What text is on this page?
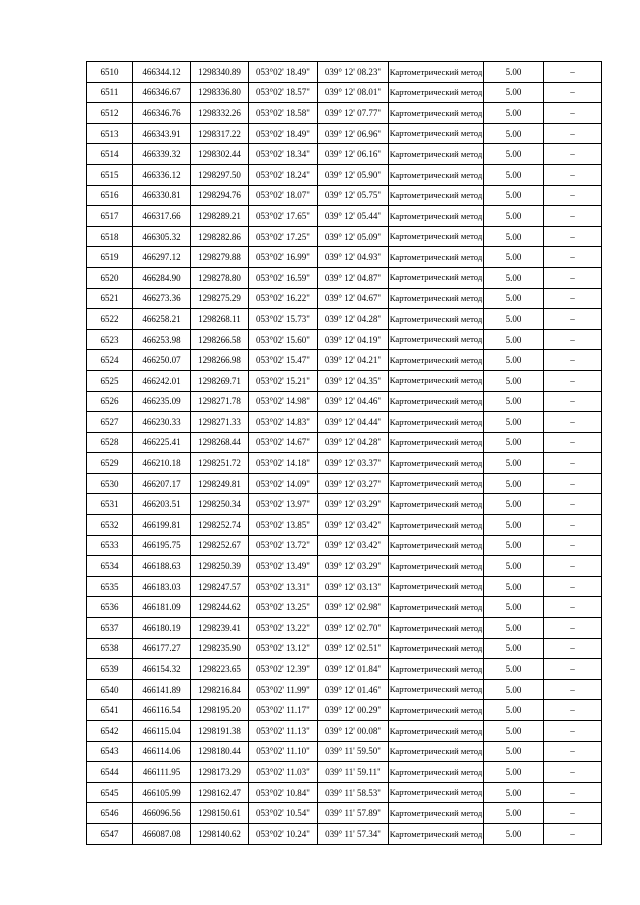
6510	466344.12	1298340.89	053°02' 18.49"	039° 12' 08.23"	Картометрический метод	5.00	–
6511	466346.67	1298336.80	053°02' 18.57"	039° 12' 08.01"	Картометрический метод	5.00	–
6512	466346.76	1298332.26	053°02' 18.58"	039° 12' 07.77"	Картометрический метод	5.00	–
6513	466343.91	1298317.22	053°02' 18.49"	039° 12' 06.96"	Картометрический метод	5.00	–
6514	466339.32	1298302.44	053°02' 18.34"	039° 12' 06.16"	Картометрический метод	5.00	–
6515	466336.12	1298297.50	053°02' 18.24"	039° 12' 05.90"	Картометрический метод	5.00	–
6516	466330.81	1298294.76	053°02' 18.07"	039° 12' 05.75"	Картометрический метод	5.00	–
6517	466317.66	1298289.21	053°02' 17.65"	039° 12' 05.44"	Картометрический метод	5.00	–
6518	466305.32	1298282.86	053°02' 17.25"	039° 12' 05.09"	Картометрический метод	5.00	–
6519	466297.12	1298279.88	053°02' 16.99"	039° 12' 04.93"	Картометрический метод	5.00	–
6520	466284.90	1298278.80	053°02' 16.59"	039° 12' 04.87"	Картометрический метод	5.00	–
6521	466273.36	1298275.29	053°02' 16.22"	039° 12' 04.67"	Картометрический метод	5.00	–
6522	466258.21	1298268.11	053°02' 15.73"	039° 12' 04.28"	Картометрический метод	5.00	–
6523	466253.98	1298266.58	053°02' 15.60"	039° 12' 04.19"	Картометрический метод	5.00	–
6524	466250.07	1298266.98	053°02' 15.47"	039° 12' 04.21"	Картометрический метод	5.00	–
6525	466242.01	1298269.71	053°02' 15.21"	039° 12' 04.35"	Картометрический метод	5.00	–
6526	466235.09	1298271.78	053°02' 14.98"	039° 12' 04.46"	Картометрический метод	5.00	–
6527	466230.33	1298271.33	053°02' 14.83"	039° 12' 04.44"	Картометрический метод	5.00	–
6528	466225.41	1298268.44	053°02' 14.67"	039° 12' 04.28"	Картометрический метод	5.00	–
6529	466210.18	1298251.72	053°02' 14.18"	039° 12' 03.37"	Картометрический метод	5.00	–
6530	466207.17	1298249.81	053°02' 14.09"	039° 12' 03.27"	Картометрический метод	5.00	–
6531	466203.51	1298250.34	053°02' 13.97"	039° 12' 03.29"	Картометрический метод	5.00	–
6532	466199.81	1298252.74	053°02' 13.85"	039° 12' 03.42"	Картометрический метод	5.00	–
6533	466195.75	1298252.67	053°02' 13.72"	039° 12' 03.42"	Картометрический метод	5.00	–
6534	466188.63	1298250.39	053°02' 13.49"	039° 12' 03.29"	Картометрический метод	5.00	–
6535	466183.03	1298247.57	053°02' 13.31"	039° 12' 03.13"	Картометрический метод	5.00	–
6536	466181.09	1298244.62	053°02' 13.25"	039° 12' 02.98"	Картометрический метод	5.00	–
6537	466180.19	1298239.41	053°02' 13.22"	039° 12' 02.70"	Картометрический метод	5.00	–
6538	466177.27	1298235.90	053°02' 13.12"	039° 12' 02.51"	Картометрический метод	5.00	–
6539	466154.32	1298223.65	053°02' 12.39"	039° 12' 01.84"	Картометрический метод	5.00	–
6540	466141.89	1298216.84	053°02' 11.99"	039° 12' 01.46"	Картометрический метод	5.00	–
6541	466116.54	1298195.20	053°02' 11.17"	039° 12' 00.29"	Картометрический метод	5.00	–
6542	466115.04	1298191.38	053°02' 11.13"	039° 12' 00.08"	Картометрический метод	5.00	–
6543	466114.06	1298180.44	053°02' 11.10"	039° 11' 59.50"	Картометрический метод	5.00	–
6544	466111.95	1298173.29	053°02' 11.03"	039° 11' 59.11"	Картометрический метод	5.00	–
6545	466105.99	1298162.47	053°02' 10.84"	039° 11' 58.53"	Картометрический метод	5.00	–
6546	466096.56	1298150.61	053°02' 10.54"	039° 11' 57.89"	Картометрический метод	5.00	–
6547	466087.08	1298140.62	053°02' 10.24"	039° 11' 57.34"	Картометрический метод	5.00	–
